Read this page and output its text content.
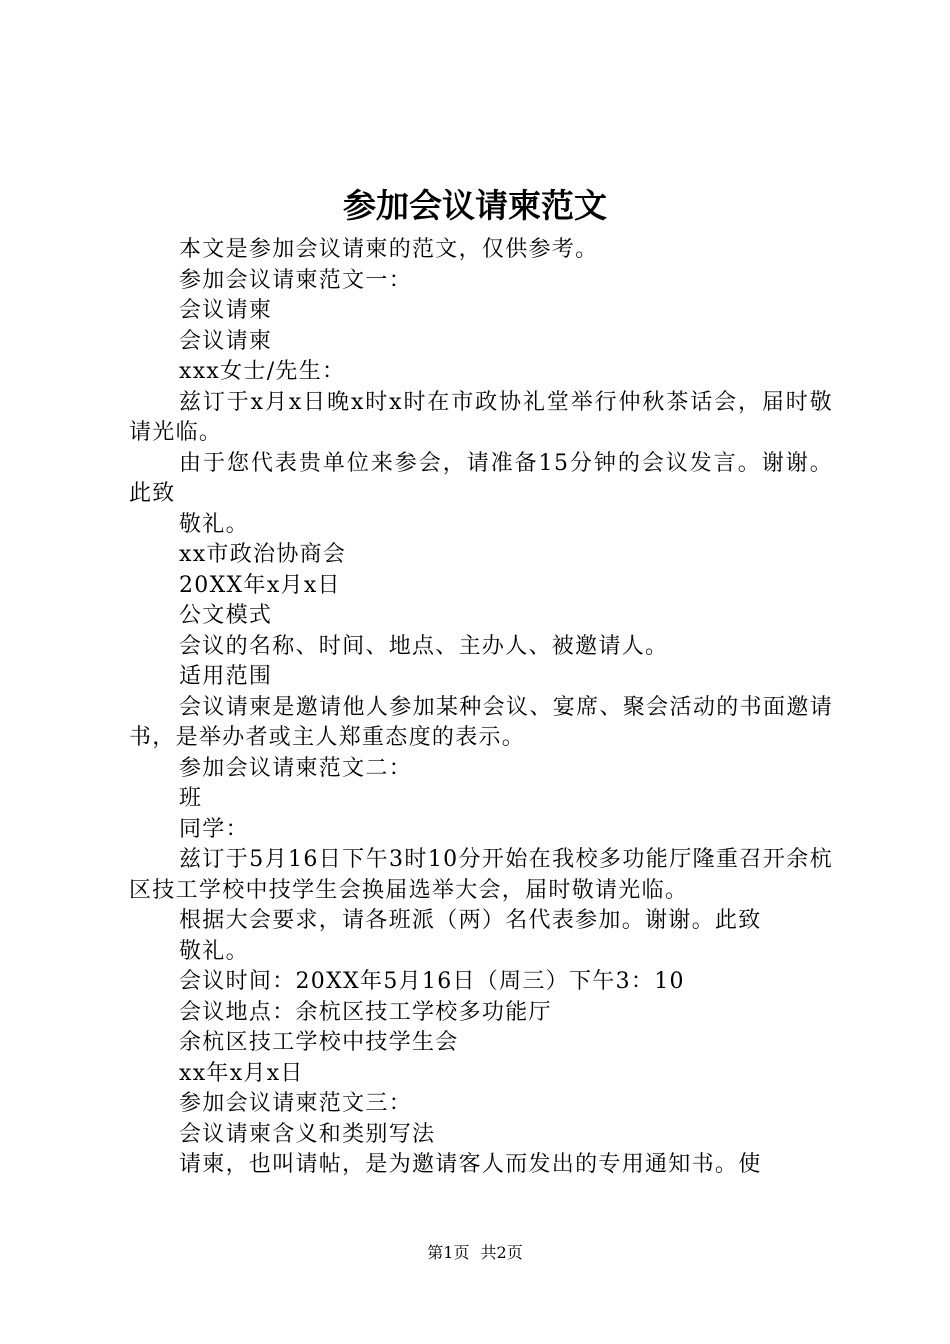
参加会议请柬范文

本文是参加会议请柬的范文，仅供参考。

参加会议请柬范文一：

会议请柬

会议请柬

xxx女士/先生：

兹订于x月x日晚x时x时在市政协礼堂举行仲秋茶话会，届时敬请光临。

由于您代表贵单位来参会，请准备15分钟的会议发言。谢谢。此致

敬礼。

xx市政治协商会

20XX年x月x日

公文模式

会议的名称、时间、地点、主办人、被邀请人。

适用范围

会议请柬是邀请他人参加某种会议、宴席、聚会活动的书面邀请书，是举办者或主人郑重态度的表示。

参加会议请柬范文二：

班

同学：

兹订于5月16日下午3时10分开始在我校多功能厅隆重召开余杭区技工学校中技学生会换届选举大会，届时敬请光临。

根据大会要求，请各班派（两）名代表参加。谢谢。此致

敬礼。

会议时间：20XX年5月16日（周三）下午3：10

会议地点：余杭区技工学校多功能厅

余杭区技工学校中技学生会

xx年x月x日

参加会议请柬范文三：

会议请柬含义和类别写法

请柬，也叫请帖，是为邀请客人而发出的专用通知书。使

第1页 共2页
